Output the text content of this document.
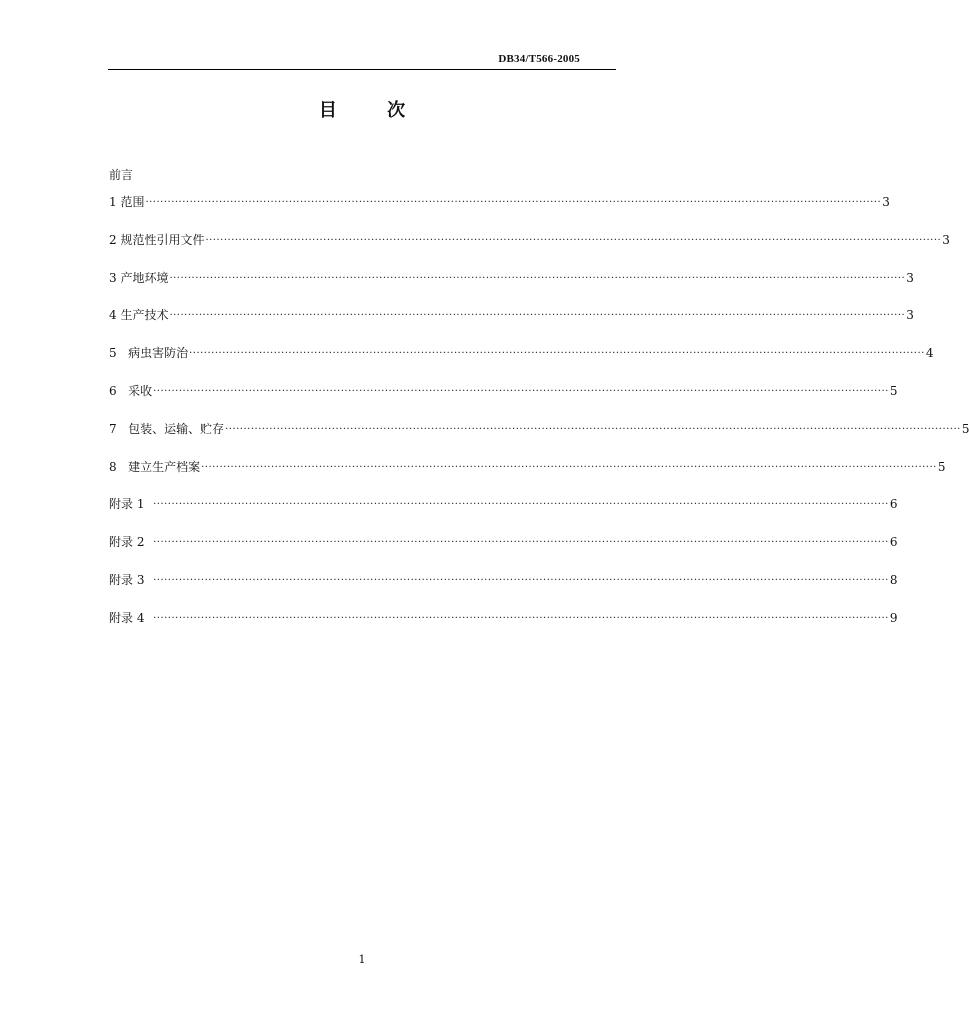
DB34/T566-2005
目 次
前言
1 范围 ········································································································································································································ 3
2 规范性引用文件 ········································································································································································································ 3
3 产地环境 ········································································································································································································ 3
4 生产技术 ········································································································································································································ 3
5   病虫害防治 ········································································································································································································ 4
6   采收 ········································································································································································································ 5
7   包装、运输、贮存 ········································································································································································································ 5
8   建立生产档案 ········································································································································································································ 5
附录 1 ········································································································································································································ 6
附录 2 ········································································································································································································ 6
附录 3 ········································································································································································································ 8
附录 4 ········································································································································································································ 9
1
